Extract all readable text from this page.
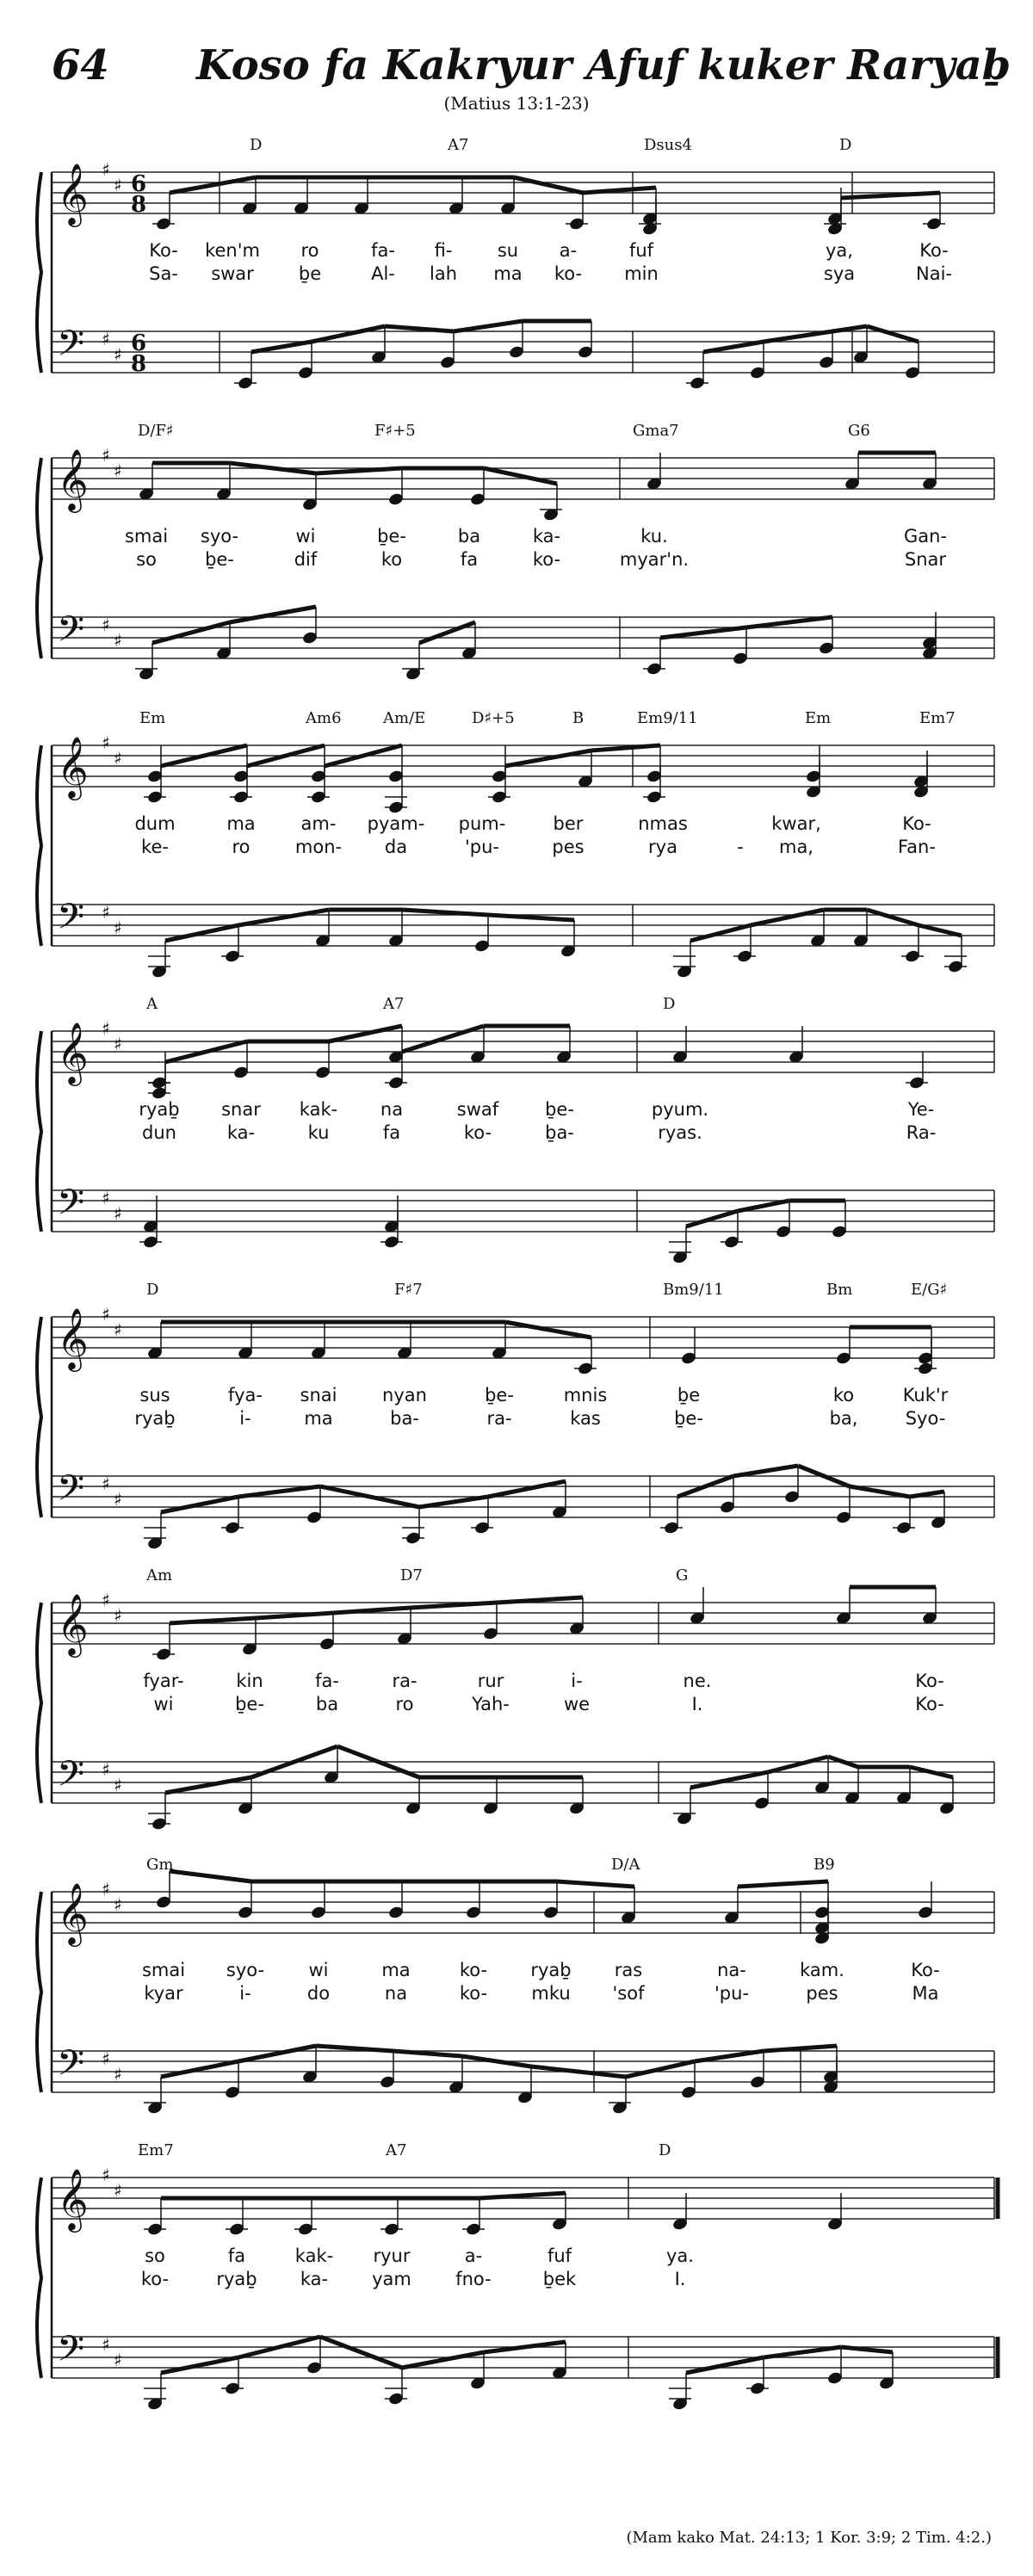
64 Koso fa Kakryur Afuf kuker Raryaḇ
(Matius 13:1-23)
𝄞
𝄢
♯
♯
♯
♯
6
8
6
8
D	A7	Dsus4	D
Ko- ken'm ro	fa- fi- su a-	fuf	ya,	Ko-
Sa- swar ḇe	Al- lah ma ko- min	sya	Nai-
𝄞
𝄢
♯
♯
♯
♯
D/F♯	F♯+5	Gma7	G6
smai syo-	wi	ḇe-	ba	ka-	ku.	Gan-
so	ḇe-	dif	ko	fa	ko-	myar'n.	Snar
𝄞
𝄢
♯
♯
♯
♯
Em	Am6	Am/E	D♯+5	B	Em9/11	Em	Em7
dum	ma	am- pyam- pum-	ber	nmas	kwar,	Ko-
ke-	ro mon- da	'pu-	pes	rya	- ma,	Fan-
𝄞
𝄢
♯
♯
♯
♯
A	A7	D
ryaḇ snar kak- na	swaf	ḇe-	pyum.	Ye-
dun	ka-	ku	fa	ko-	ḇa-	ryas.	Ra-
𝄞
𝄢
♯
♯
♯
♯
D	F♯7	Bm9/11	Bm	E/G♯
sus	fya- snai	nyan	ḇe-	mnis	ḇe	ko	Kuk'r
ryaḇ	i-	ma	ba-	ra-	kas	ḇe-	ba,	Syo-
𝄞
𝄢
♯
♯
♯
♯
Am	D7	G
fyar-	kin	fa-	ra-	rur	i-	ne.	Ko-
wi	ḇe-	ba	ro	Yah-	we	I.	Ko-
𝄞
𝄢
♯
♯
♯
♯
Gm	D/A	B9
smai syo- wi	ma	ko- ryaḇ ras	na-	kam.	Ko-
kyar	i-	do	na	ko- mku 'sof	'pu-	pes	Ma
𝄞
𝄢
♯
♯
♯
♯
Em7	A7	D
so	fa	kak- ryur	a-	fuf	ya.
ko-	ryaḇ ka- yam fno-	ḇek	I.
(Mam kako Mat. 24:13; 1 Kor. 3:9; 2 Tim. 4:2.)
